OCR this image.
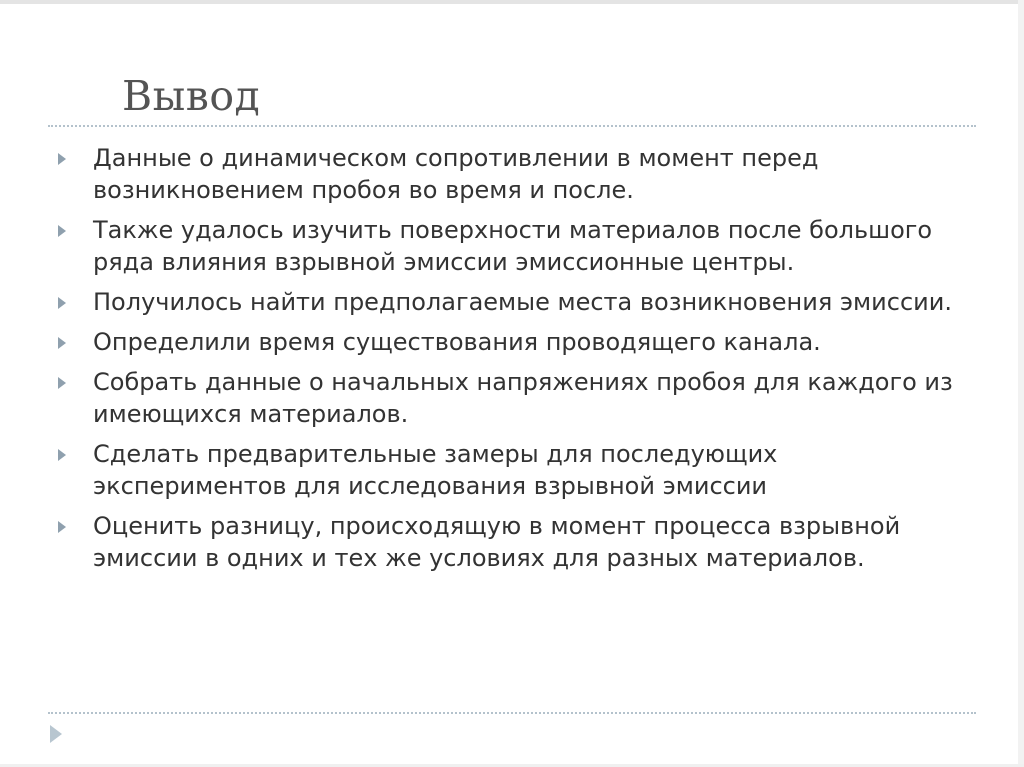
Вывод
Данные о динамическом сопротивлении в момент перед возникновением пробоя во время и после.
Также удалось изучить поверхности материалов после большого ряда влияния взрывной эмиссии эмиссионные центры.
Получилось найти предполагаемые места возникновения эмиссии.
Определили время существования проводящего канала.
Собрать данные о начальных напряжениях пробоя для каждого из имеющихся материалов.
Сделать предварительные замеры для последующих экспериментов для исследования взрывной эмиссии
Оценить разницу, происходящую в момент процесса взрывной эмиссии в одних и тех же условиях для разных материалов.
